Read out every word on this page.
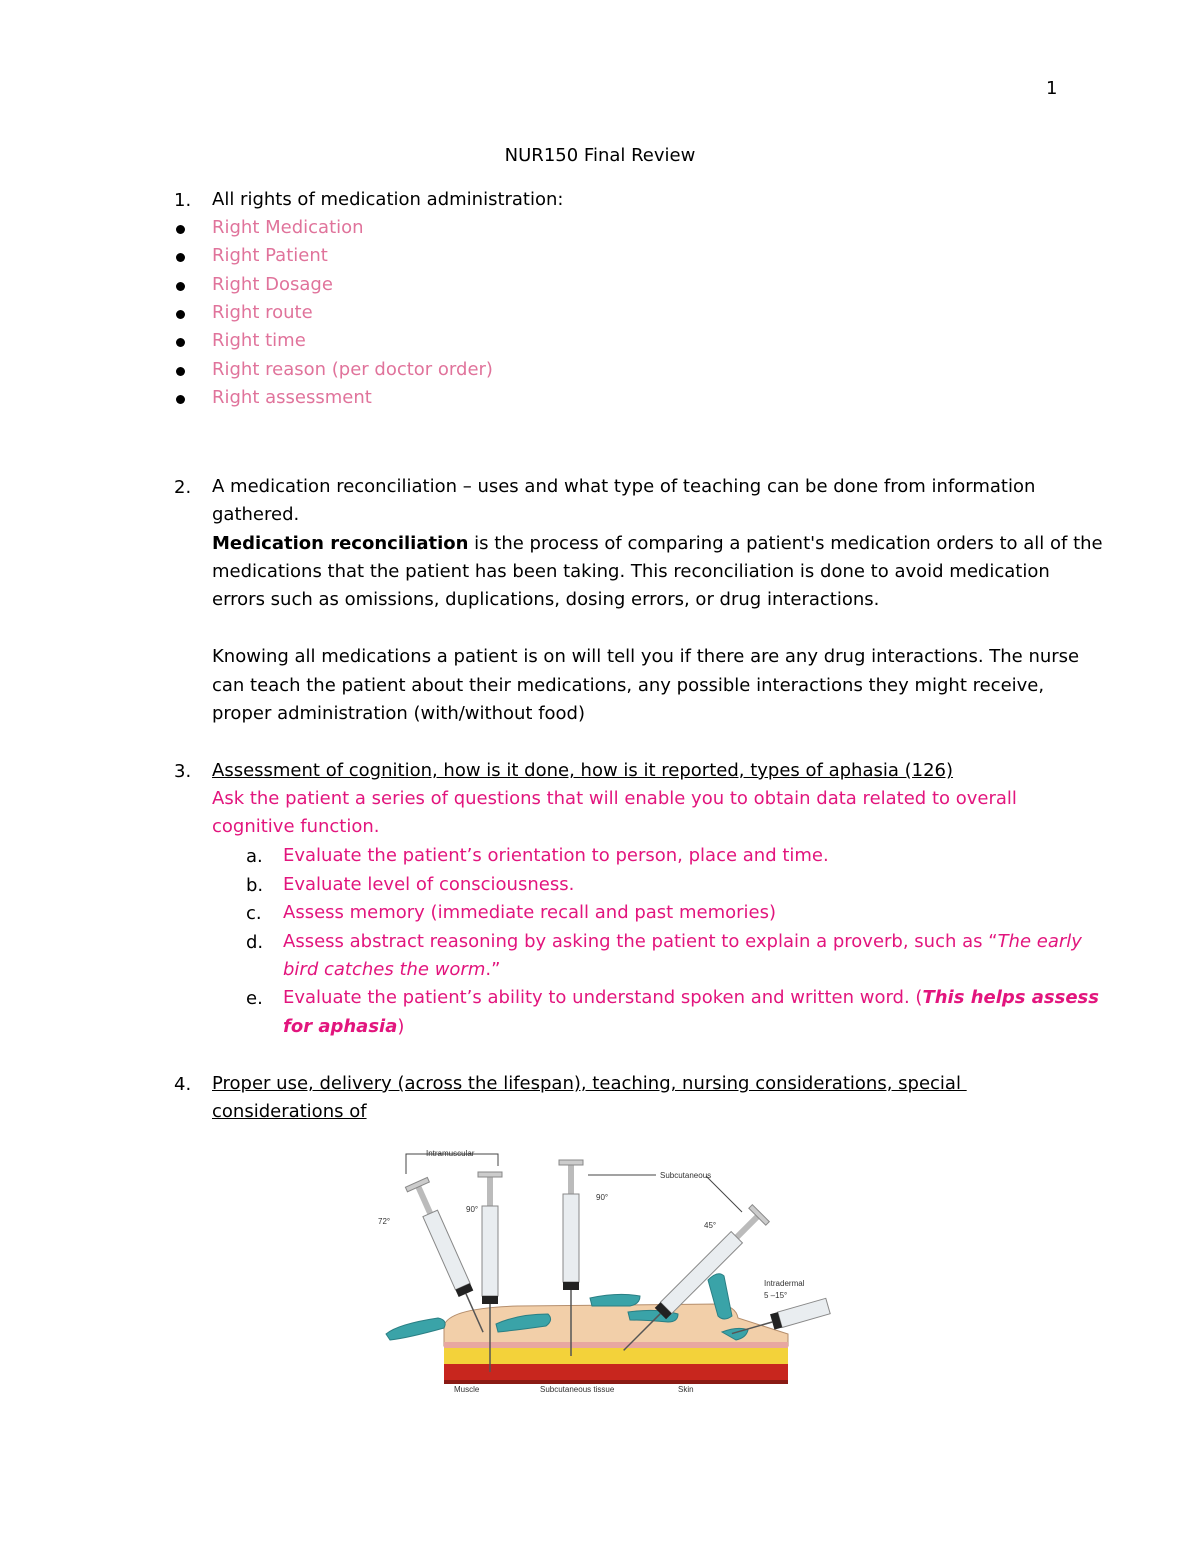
1
NUR150 Final Review
1. All rights of medication administration:
Right Medication
Right Patient
Right Dosage
Right route
Right time
Right reason (per doctor order)
Right assessment
2. A medication reconciliation – uses and what type of teaching can be done from information
gathered.
Medication reconciliation is the process of comparing a patient's medication orders to all of the
medications that the patient has been taking. This reconciliation is done to avoid medication
errors such as omissions, duplications, dosing errors, or drug interactions.
Knowing all medications a patient is on will tell you if there are any drug interactions. The nurse
can teach the patient about their medications, any possible interactions they might receive,
proper administration (with/without food)
3. Assessment of cognition, how is it done, how is it reported, types of aphasia (126)
Ask the patient a series of questions that will enable you to obtain data related to overall
cognitive function.
a. Evaluate the patient’s orientation to person, place and time.
b. Evaluate level of consciousness.
c. Assess memory (immediate recall and past memories)
d. Assess abstract reasoning by asking the patient to explain a proverb, such as “The early
bird catches the worm.”
e. Evaluate the patient’s ability to understand spoken and written word. (This helps assess
for aphasia)
4. Proper use, delivery (across the lifespan), teaching, nursing considerations, special
considerations of
Intramuscular
Subcutaneous
Intradermal
5 –15°
72°
90°
90°
45°
Muscle	Subcutaneous tissue	Skin
